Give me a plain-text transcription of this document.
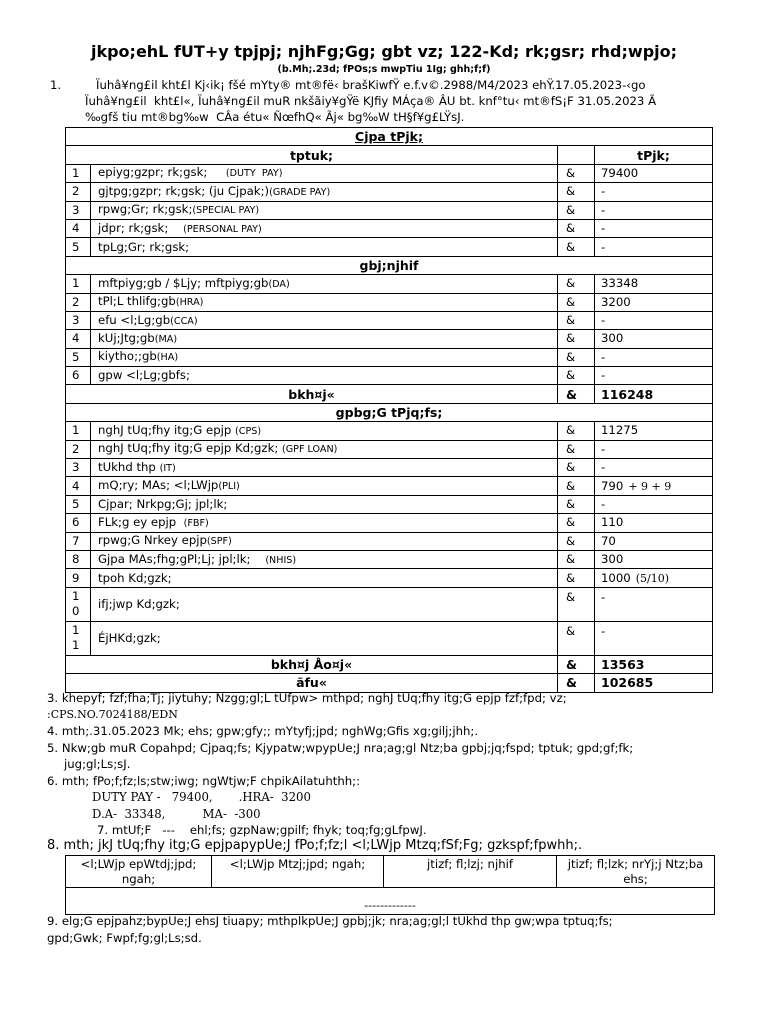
jkpo;ehL fUT+y tpjpj; njhFg;Gg; gbt vz; 122-Kd; rk;gsr; rhd;wpjo;
(b.Mh;.23d; fPOs;s mwpTiu 1Ig; ghh;f;f)
1.	Ïuhâ¥ng£il kht£l Kj‹ik¡ fšé mYty® mt®fë‹ brašKiwfŸ e.f.v©.2988/M4/2023 ehŸ.17.05.2023-‹go
Ïuhâ¥ng£il  kht£l«, Ïuhâ¥ng£il muR nkšãiy¥gŸë KJfiy MÁça® ÂU bt. knf°tu‹ mt®fS¡F 31.05.2023 Ã
‰gfš tiu mt®bg‰w  CÂa étu« ÑœfhQ« Ãj« bg‰W tH§f¥g£LŸsJ.
Cjpa tPjk;			
tptuk;			tPjk;
1	epiyg;gzpr; rk;gsk;     (DUTY  PAY)	&	79400
2	gjtpg;gzpr; rk;gsk; (ju Cjpak;)(GRADE PAY)	&	-
3	rpwg;Gr; rk;gsk;(SPECIAL PAY)	&	-
4	jdpr; rk;gsk;    (PERSONAL PAY)	&	-
5	tpLg;Gr; rk;gsk;	&	-
gbj;njhif			
1	mftpiyg;gb / $Ljy; mftpiyg;gb(DA)	&	33348
2	tPl;L thlifg;gb(HRA)	&	3200
3	efu <l;Lg;gb(CCA)	&	-
4	kUj;Jtg;gb(MA)	&	300
5	kiytho;;gb(HA)	&	-
6	gpw <l;Lg;gbfs;	&	-
bkh¤j«		&	116248
gpbg;G tPjq;fs;			
1	nghJ tUq;fhy itg;G epjp (CPS)	&	11275
2	nghJ tUq;fhy itg;G epjp Kd;gzk; (GPF LOAN)	&	-
3	tUkhd thp (IT)	&	-
4	mQ;ry; MAs; <l;LWjp(PLI)	&	790 + 9 + 9
5	Cjpar; Nrkpg;Gj; jpl;lk;	&	-
6	FLk;g ey epjp  (FBF)	&	110
7	rpwg;G Nrkey epjp(SPF)	&	70
8	Gjpa MAs;fhg;gPl;Lj; jpl;lk;    (NHIS)	&	300
9	tpoh Kd;gzk;	&	1000 (5/10)
10	ifj;jwp Kd;gzk;	&	-
11	ÉjHKd;gzk;	&	-
bkh¤j Åo¤j«		&	13563
ãfu«		&	102685
3. khepyf; fzf;fha;Tj; jiytuhy; Nzgg;gl;L tUfpw> mthpd; nghJ tUq;fhy itg;G epjp fzf;fpd; vz;
:CPS.NO.7024188/EDN
4. mth;.31.05.2023 Mk; ehs; gpw;gfy;; mYtyfj;jpd; nghWg;Gfis xg;gilj;jhh;.
5. Nkw;gb muR Copahpd; Cjpaq;fs; Kjypatw;wpypUe;J nra;ag;gl Ntz;ba gpbj;jq;fspd; tptuk; gpd;gf;fk;
jug;gl;Ls;sJ.
6. mth; fPo;f;fz;ls;stw;iwg; ngWtjw;F chpikAilatuhthh;:
DUTY PAY -   79400,       .HRA-  3200
D.A-  33348,          MA-  -300
7. mtUf;F   ---    ehl;fs; gzpNaw;gpilf; fhyk; toq;fg;gLfpwJ.
8. mth; jkJ tUq;fhy itg;G epjpapypUe;J fPo;f;fz;l <l;LWjp Mtzq;fSf;Fg; gzkspf;fpwhh;.
<l;LWjp epWtdj;jpd; ngah;	<l;LWjp Mtzj;jpd; ngah;	jtizf; fl;lzj; njhif	jtizf; fl;lzk; nrYj;j Ntz;ba ehs;
-------------
9. elg;G epjpahz;bypUe;J ehsJ tiuapy; mthplkpUe;J gpbj;jk; nra;ag;gl;l tUkhd thp gw;wpa tptuq;fs;
gpd;Gwk; Fwpf;fg;gl;Ls;sd.
